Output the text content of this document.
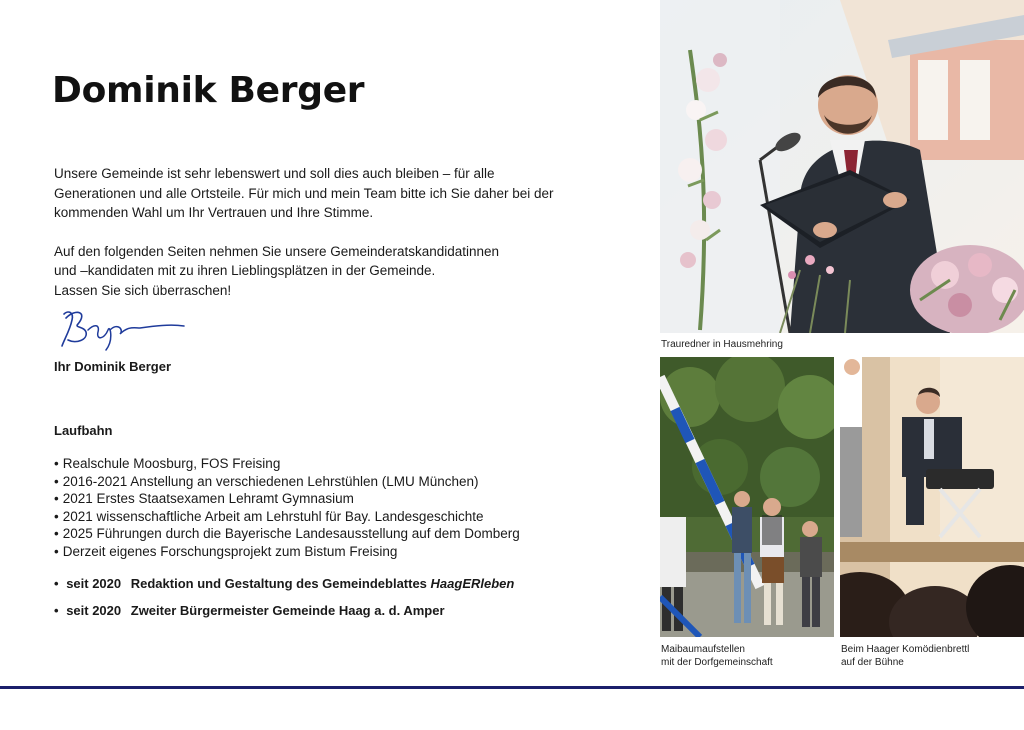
Dominik Berger

Unsere Gemeinde ist sehr lebenswert und soll dies auch bleiben – für alle Generationen und alle Ortsteile. Für mich und mein Team bitte ich Sie daher bei der kommenden Wahl um Ihr Vertrauen und Ihre Stimme.

Auf den folgenden Seiten nehmen Sie unsere Gemeinderatskandidatinnen
und –kandidaten mit zu ihren Lieblingsplätzen in der Gemeinde.
Lassen Sie sich überraschen!

Ihr Dominik Berger
Laufbahn
• Realschule Moosburg, FOS Freising
• 2016-2021 Anstellung an verschiedenen Lehrstühlen (LMU München)
• 2021 Erstes Staatsexamen Lehramt Gymnasium
• 2021 wissenschaftliche Arbeit am Lehrstuhl für Bay. Landesgeschichte
• 2025 Führungen durch die Bayerische Landesausstellung auf dem Domberg
• Derzeit eigenes Forschungsprojekt zum Bistum Freising
• seit 2020 Redaktion und Gestaltung des Gemeindeblattes HaagERleben
• seit 2020 Zweiter Bürgermeister Gemeinde Haag a. d. Amper
Trauredner in Hausmehring
Maibaumaufstellen
mit der Dorfgemeinschaft
Beim Haager Komödienbrettl
auf der Bühne
